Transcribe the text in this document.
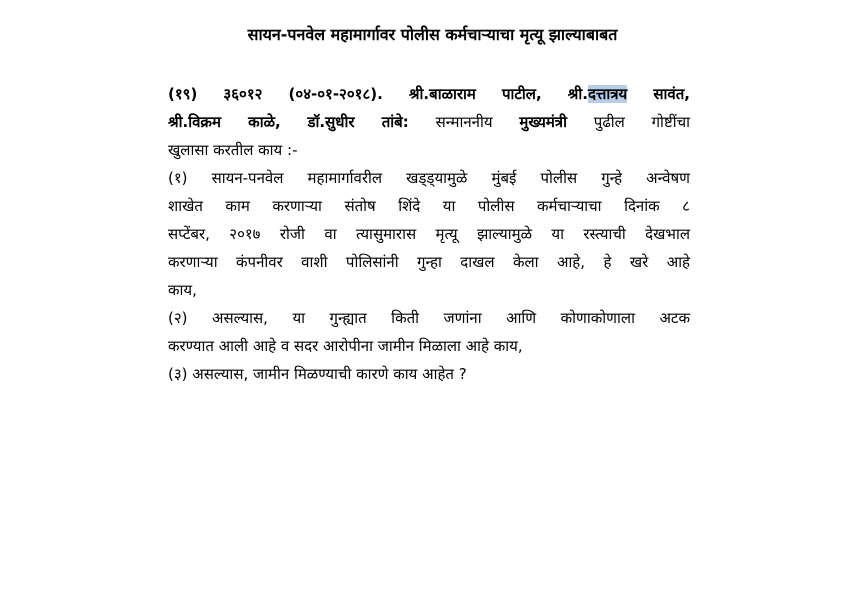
सायन-पनवेल महामार्गावर पोलीस कर्मचाऱ्याचा मृत्यू झाल्याबाबत
(१९) ३६०१२ (०४-०१-२०१८). श्री.बाळाराम पाटील, श्री.दत्तात्रय सावंत,
श्री.विक्रम काळे, डॉ.सुधीर तांबे: सन्माननीय मुख्यमंत्री पुढील गोष्टींचा
खुलासा करतील काय :-
(१) सायन-पनवेल महामार्गावरील खड्ड्यामुळे मुंबई पोलीस गुन्हे अन्वेषण
शाखेत काम करणाऱ्या संतोष शिंदे या पोलीस कर्मचाऱ्याचा दिनांक ८
सप्टेंबर, २०१७ रोजी वा त्यासुमारास मृत्यू झाल्यामुळे या रस्त्याची देखभाल
करणाऱ्या कंपनीवर वाशी पोलिसांनी गुन्हा दाखल केला आहे, हे खरे आहे
काय,
(२) असल्यास, या गुन्ह्यात किती जणांना आणि कोणाकोणाला अटक
करण्यात आली आहे व सदर आरोपीना जामीन मिळाला आहे काय,
(३) असल्यास, जामीन मिळण्याची कारणे काय आहेत ?
